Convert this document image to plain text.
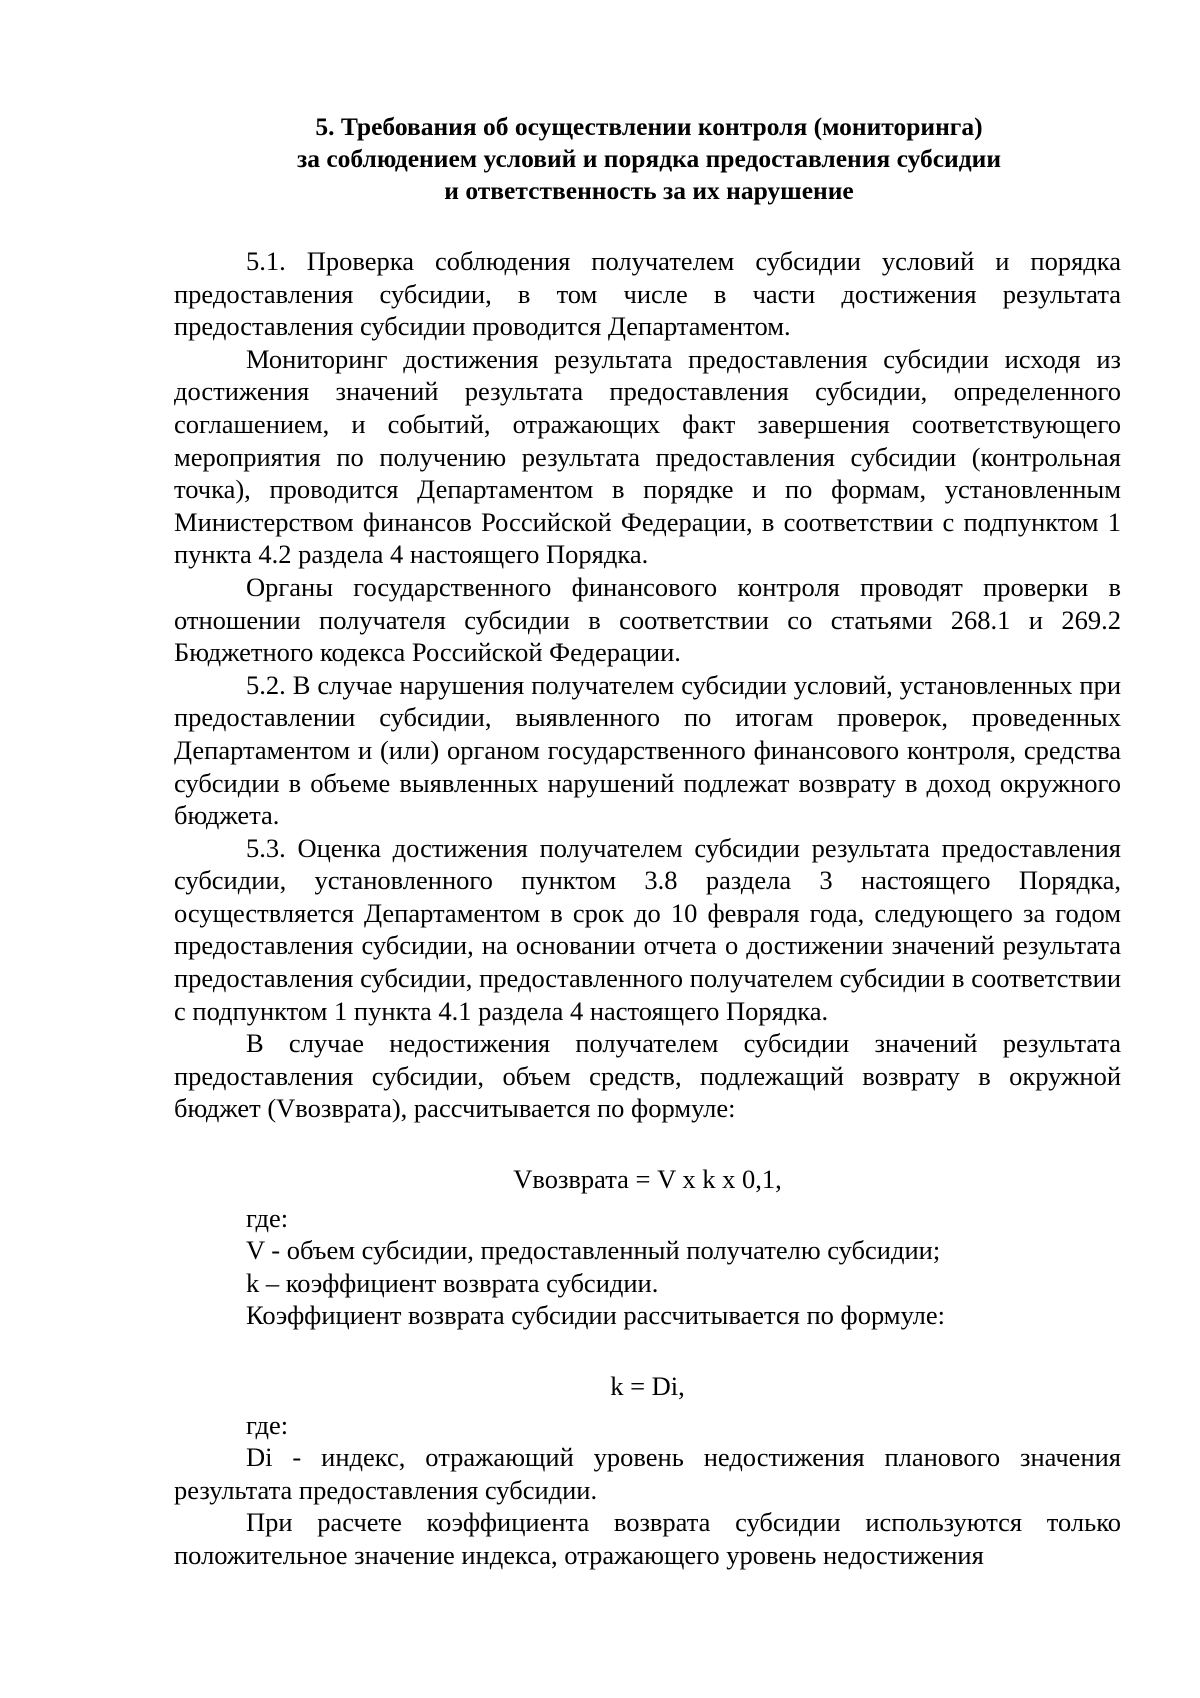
5. Требования об осуществлении контроля (мониторинга)
за соблюдением условий и порядка предоставления субсидии
и ответственность за их нарушение

5.1. Проверка соблюдения получателем субсидии условий и порядка предоставления субсидии, в том числе в части достижения результата предоставления субсидии проводится Департаментом.

Мониторинг достижения результата предоставления субсидии исходя из достижения значений результата предоставления субсидии, определенного соглашением, и событий, отражающих факт завершения соответствующего мероприятия по получению результата предоставления субсидии (контрольная точка), проводится Департаментом в порядке и по формам, установленным Министерством финансов Российской Федерации, в соответствии с подпунктом 1 пункта 4.2 раздела 4 настоящего Порядка.

Органы государственного финансового контроля проводят проверки в отношении получателя субсидии в соответствии со статьями 268.1 и 269.2 Бюджетного кодекса Российской Федерации.

5.2. В случае нарушения получателем субсидии условий, установленных при предоставлении субсидии, выявленного по итогам проверок, проведенных Департаментом и (или) органом государственного финансового контроля, средства субсидии в объеме выявленных нарушений подлежат возврату в доход окружного бюджета.

5.3. Оценка достижения получателем субсидии результата предоставления субсидии, установленного пунктом 3.8 раздела 3 настоящего Порядка, осуществляется Департаментом в срок до 10 февраля года, следующего за годом предоставления субсидии, на основании отчета о достижении значений результата предоставления субсидии, предоставленного получателем субсидии в соответствии с подпунктом 1 пункта 4.1 раздела 4 настоящего Порядка.

В случае недостижения получателем субсидии значений результата предоставления субсидии, объем средств, подлежащий возврату в окружной бюджет (Vвозврата), рассчитывается по формуле:

Vвозврата = V x k x 0,1,

где:

V - объем субсидии, предоставленный получателю субсидии;

k – коэффициент возврата субсидии.

Коэффициент возврата субсидии рассчитывается по формуле:

k = Di,

где:

Di - индекс, отражающий уровень недостижения планового значения результата предоставления субсидии.

При расчете коэффициента возврата субсидии используются только положительное значение индекса, отражающего уровень недостижения
